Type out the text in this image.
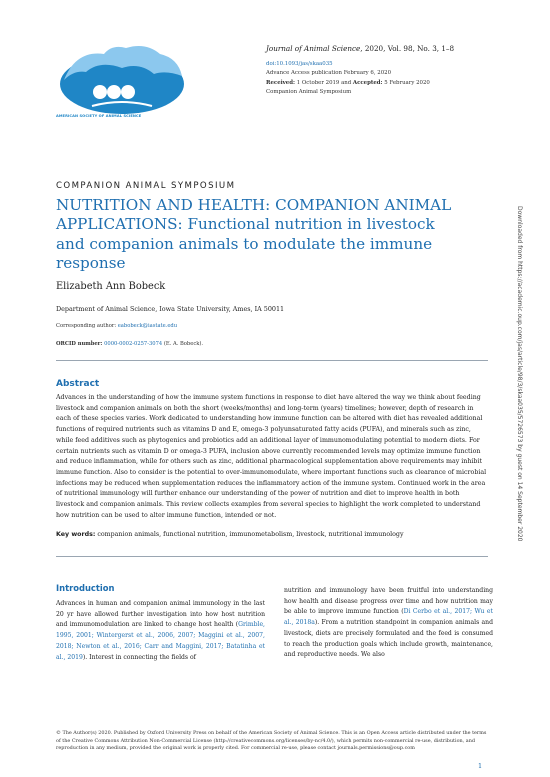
AMERICAN SOCIETY OF ANIMAL SCIENCE
Journal of Animal Science, 2020, Vol. 98, No. 3, 1–8
doi:10.1093/jas/skaa035
Advance Access publication February 6, 2020
Received: 1 October 2019 and Accepted: 5 February 2020
Companion Animal Symposium
COMPANION ANIMAL SYMPOSIUM
NUTRITION AND HEALTH: COMPANION ANIMAL APPLICATIONS: Functional nutrition in livestock and companion animals to modulate the immune response
Elizabeth Ann Bobeck
Department of Animal Science, Iowa State University, Ames, IA 50011
Corresponding author: eabobeck@iastate.edu
ORCID number: 0000-0002-0257-3074 (E. A. Bobeck).
Abstract

Advances in the understanding of how the immune system functions in response to diet have altered the way we think about feeding livestock and companion animals on both the short (weeks/months) and long-term (years) timelines; however, depth of research in each of these species varies. Work dedicated to understanding how immune function can be altered with diet has revealed additional functions of required nutrients such as vitamins D and E, omega-3 polyunsaturated fatty acids (PUFA), and minerals such as zinc, while feed additives such as phytogenics and probiotics add an additional layer of immunomodulating potential to modern diets. For certain nutrients such as vitamin D or omega-3 PUFA, inclusion above currently recommended levels may optimize immune function and reduce inflammation, while for others such as zinc, additional pharmacological supplementation above requirements may inhibit immune function. Also to consider is the potential to over-immunomodulate, where important functions such as clearance of microbial infections may be reduced when supplementation reduces the inflammatory action of the immune system. Continued work in the area of nutritional immunology will further enhance our understanding of the power of nutrition and diet to improve health in both livestock and companion animals. This review collects examples from several species to highlight the work completed to understand how nutrition can be used to alter immune function, intended or not.

Key words: companion animals, functional nutrition, immunometabolism, livestock, nutritional immunology	Downloaded from https://academic.oup.com/jas/article/98/3/skaa035/5726573 by guest on 14 September 2020
Introduction

Advances in human and companion animal immunology in the last 20 yr have allowed further investigation into how host nutrition and immunomodulation are linked to change host health (Grimble, 1995, 2001; Wintergerst et al., 2006, 2007; Maggini et al., 2007, 2018; Newton et al., 2016; Carr and Maggini, 2017; Batatinha et al., 2019). Interest in connecting the fields of

nutrition and immunology have been fruitful into understanding how health and disease progress over time and how nutrition may be able to improve immune function (Di Cerbo et al., 2017; Wu et al., 2018a). From a nutrition standpoint in companion animals and livestock, diets are precisely formulated and the feed is consumed to reach the production goals which include growth, maintenance, and reproductive needs. We also

© The Author(s) 2020. Published by Oxford University Press on behalf of the American Society of Animal Science. This is an Open Access article distributed under the terms of the Creative Commons Attribution Non-Commercial License (http://creativecommons.org/licenses/by-nc/4.0/), which permits non-commercial re-use, distribution, and reproduction in any medium, provided the original work is properly cited. For commercial re-use, please contact journals.permissions@oup.com

1
